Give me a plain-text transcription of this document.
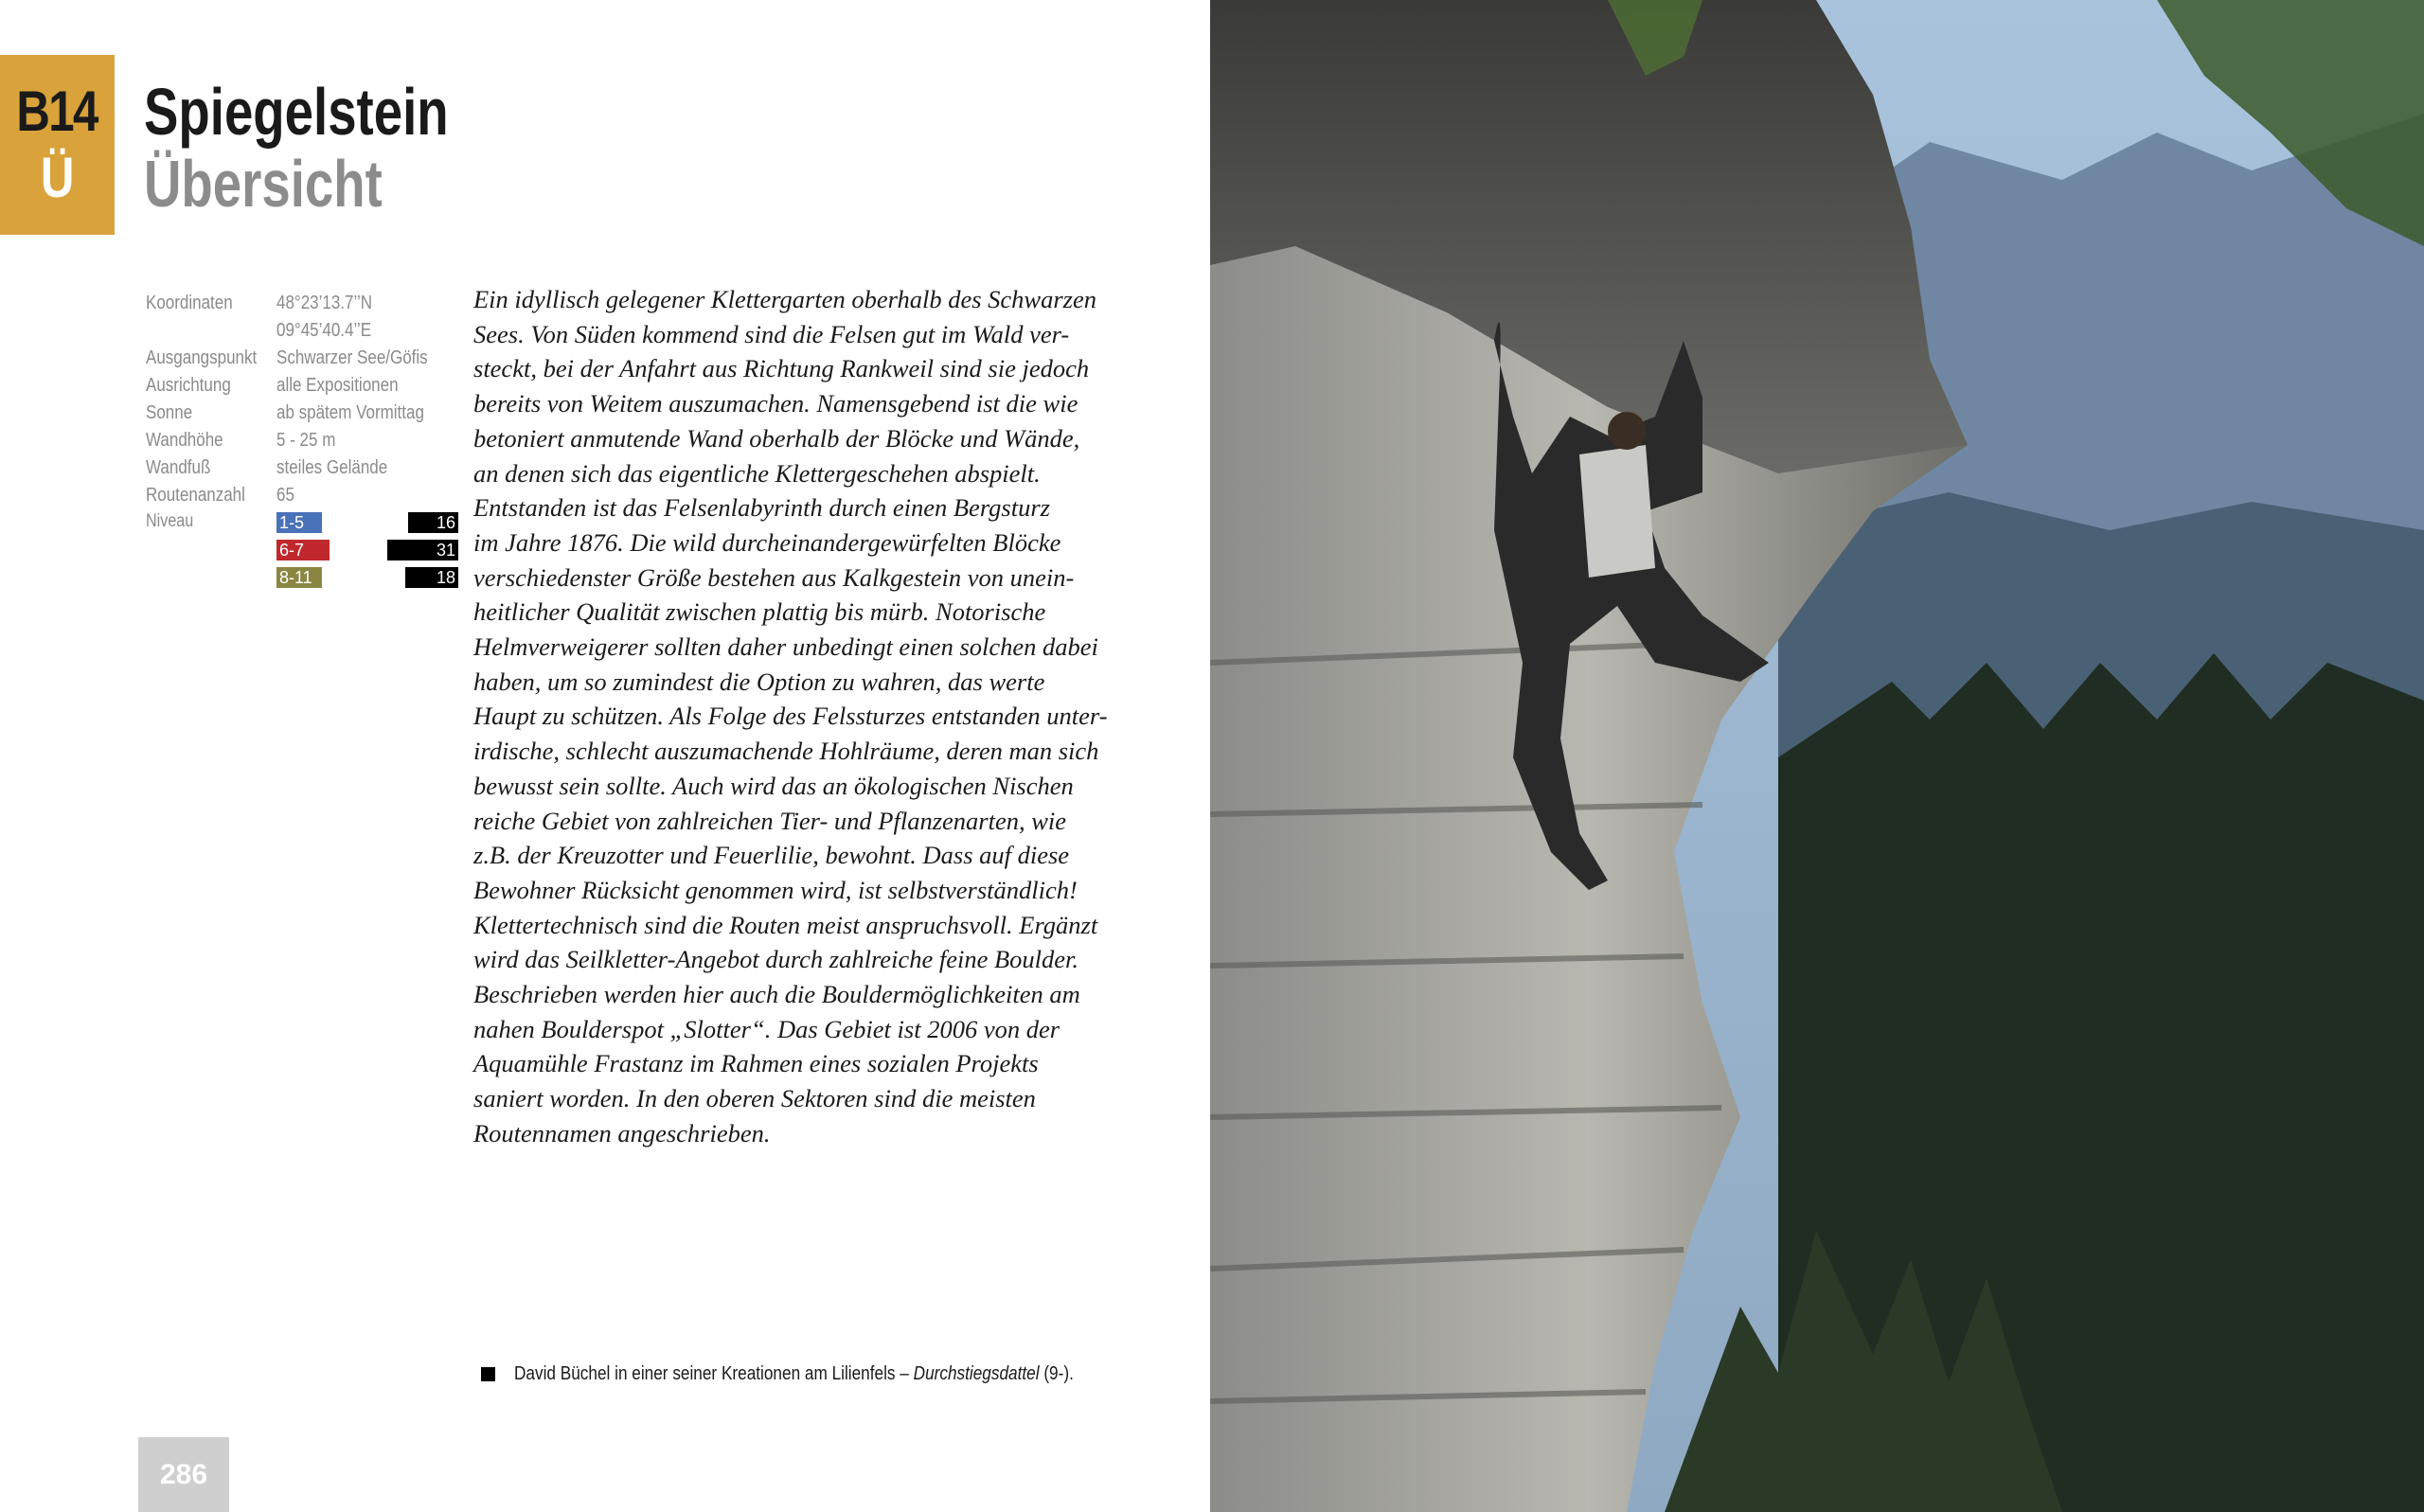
B14
Ü
Spiegelstein
Übersicht
Koordinaten	48°23’13.7’’N
09°45’40.4’’E
Ausgangspunkt Schwarzer See/Göfis
Ausrichtung	alle Expositionen
Sonne	ab spätem Vormittag
Wandhöhe	5 - 25 m
Wandfuß	steiles Gelände
Routenanzahl	65
Niveau	1-5	16
6-7	31
8-11	18
Ein idyllisch gelegener Klettergarten oberhalb des Schwarzen
Sees. Von Süden kommend sind die Felsen gut im Wald ver-
steckt, bei der Anfahrt aus Richtung Rankweil sind sie jedoch
bereits von Weitem auszumachen. Namensgebend ist die wie
betoniert anmutende Wand oberhalb der Blöcke und Wände,
an denen sich das eigentliche Klettergeschehen abspielt.
Entstanden ist das Felsenlabyrinth durch einen Bergsturz
im Jahre 1876. Die wild durcheinandergewürfelten Blöcke
verschiedenster Größe bestehen aus Kalkgestein von unein-
heitlicher Qualität zwischen plattig bis mürb. Notorische
Helmverweigerer sollten daher unbedingt einen solchen dabei
haben, um so zumindest die Option zu wahren, das werte
Haupt zu schützen. Als Folge des Felssturzes entstanden unter-
irdische, schlecht auszumachende Hohlräume, deren man sich
bewusst sein sollte. Auch wird das an ökologischen Nischen
reiche Gebiet von zahlreichen Tier- und Pflanzenarten, wie
z.B. der Kreuzotter und Feuerlilie, bewohnt. Dass auf diese
Bewohner Rücksicht genommen wird, ist selbstverständlich!
Klettertechnisch sind die Routen meist anspruchsvoll. Ergänzt
wird das Seilkletter-Angebot durch zahlreiche feine Boulder.
Beschrieben werden hier auch die Bouldermöglichkeiten am
nahen Boulderspot „Slotter“. Das Gebiet ist 2006 von der
Aquamühle Frastanz im Rahmen eines sozialen Projekts
saniert worden. In den oberen Sektoren sind die meisten
Routennamen angeschrieben.
David Büchel in einer seiner Kreationen am Lilienfels – Durchstiegsdattel (9-).
286
